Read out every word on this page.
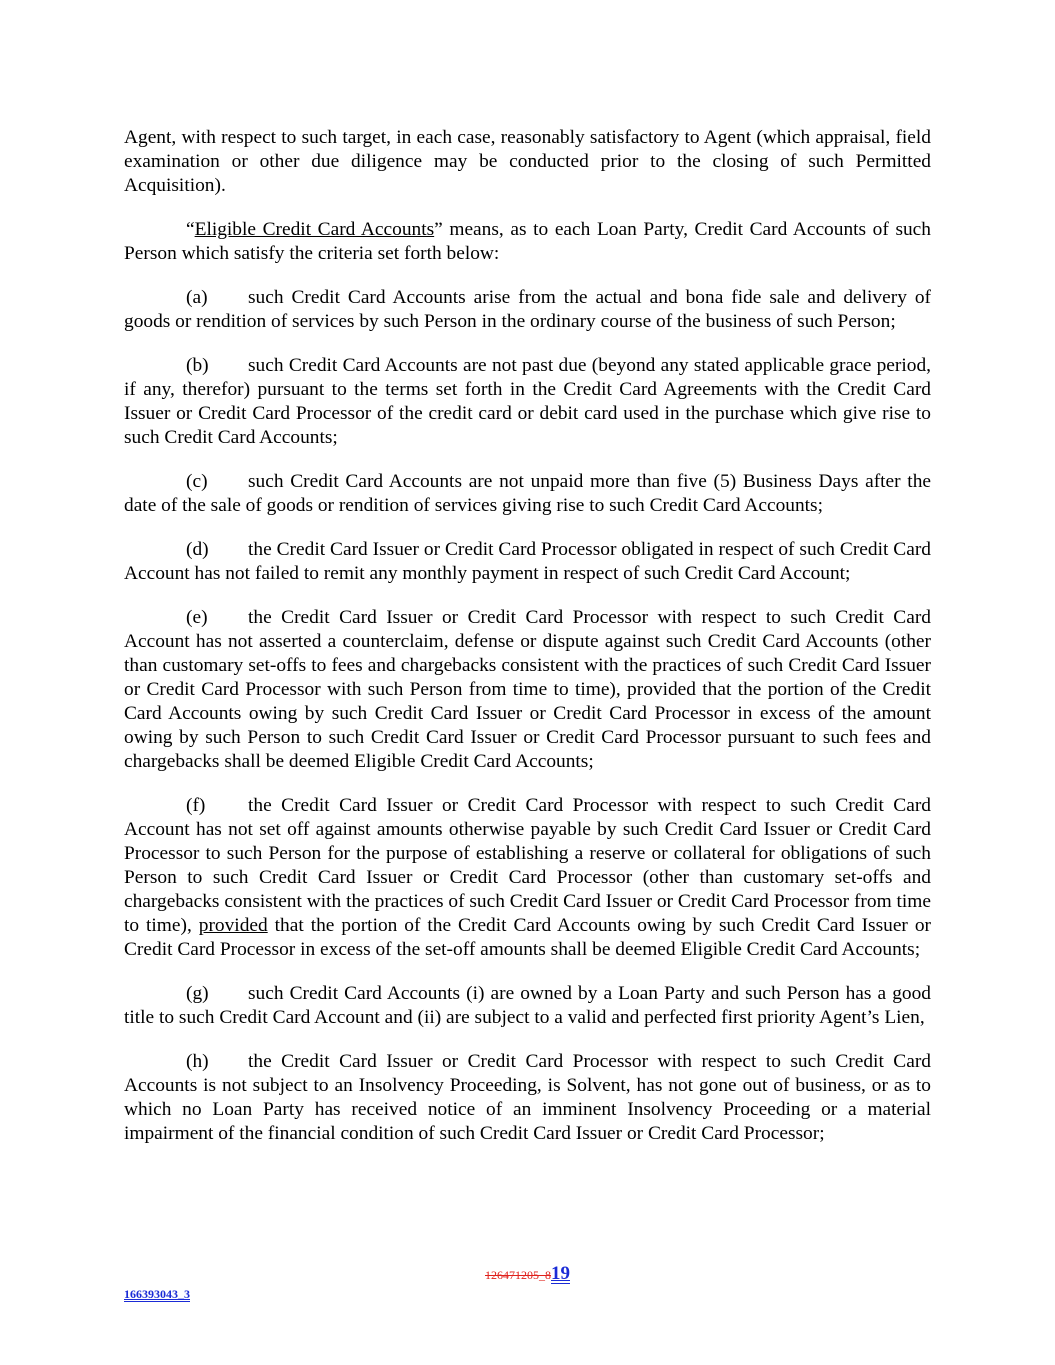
Agent, with respect to such target, in each case, reasonably satisfactory to Agent (which appraisal, field examination or other due diligence may be conducted prior to the closing of such Permitted Acquisition).

“Eligible Credit Card Accounts” means, as to each Loan Party, Credit Card Accounts of such Person which satisfy the criteria set forth below:

(a) such Credit Card Accounts arise from the actual and bona fide sale and delivery of goods or rendition of services by such Person in the ordinary course of the business of such Person;

(b) such Credit Card Accounts are not past due (beyond any stated applicable grace period, if any, therefor) pursuant to the terms set forth in the Credit Card Agreements with the Credit Card Issuer or Credit Card Processor of the credit card or debit card used in the purchase which give rise to such Credit Card Accounts;

(c) such Credit Card Accounts are not unpaid more than five (5) Business Days after the date of the sale of goods or rendition of services giving rise to such Credit Card Accounts;

(d) the Credit Card Issuer or Credit Card Processor obligated in respect of such Credit Card Account has not failed to remit any monthly payment in respect of such Credit Card Account;

(e) the Credit Card Issuer or Credit Card Processor with respect to such Credit Card Account has not asserted a counterclaim, defense or dispute against such Credit Card Accounts (other than customary set-offs to fees and chargebacks consistent with the practices of such Credit Card Issuer or Credit Card Processor with such Person from time to time), provided that the portion of the Credit Card Accounts owing by such Credit Card Issuer or Credit Card Processor in excess of the amount owing by such Person to such Credit Card Issuer or Credit Card Processor pursuant to such fees and chargebacks shall be deemed Eligible Credit Card Accounts;

(f) the Credit Card Issuer or Credit Card Processor with respect to such Credit Card Account has not set off against amounts otherwise payable by such Credit Card Issuer or Credit Card Processor to such Person for the purpose of establishing a reserve or collateral for obligations of such Person to such Credit Card Issuer or Credit Card Processor (other than customary set-offs and chargebacks consistent with the practices of such Credit Card Issuer or Credit Card Processor from time to time), provided that the portion of the Credit Card Accounts owing by such Credit Card Issuer or Credit Card Processor in excess of the set-off amounts shall be deemed Eligible Credit Card Accounts;

(g) such Credit Card Accounts (i) are owned by a Loan Party and such Person has a good title to such Credit Card Account and (ii) are subject to a valid and perfected first priority Agent’s Lien,

(h) the Credit Card Issuer or Credit Card Processor with respect to such Credit Card Accounts is not subject to an Insolvency Proceeding, is Solvent, has not gone out of business, or as to which no Loan Party has received notice of an imminent Insolvency Proceeding or a material impairment of the financial condition of such Credit Card Issuer or Credit Card Processor;

126471205_819
166393043_3
